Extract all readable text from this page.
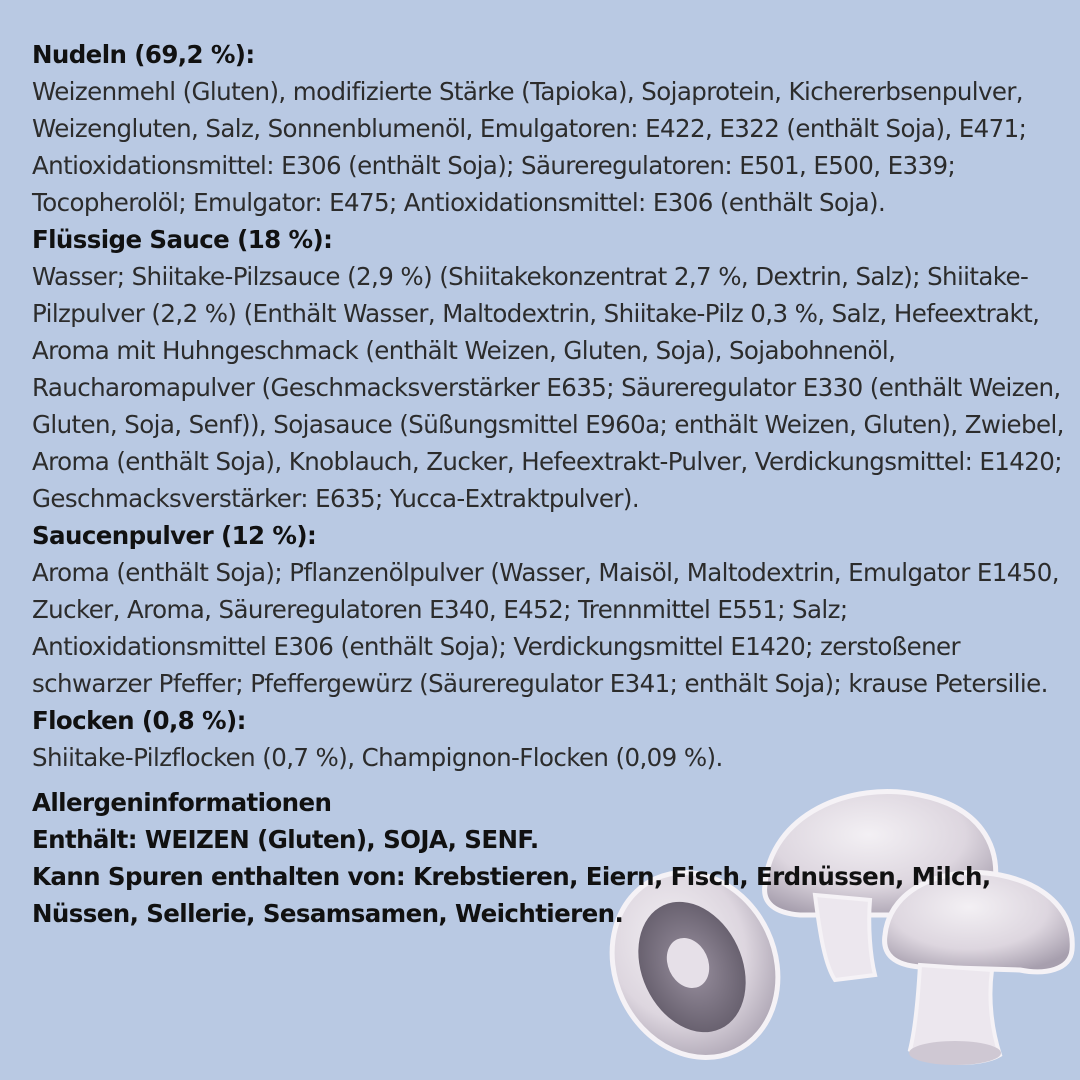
Nudeln (69,2 %):
Weizenmehl (Gluten), modifizierte Stärke (Tapioka), Sojaprotein, Kichererbsenpulver, Weizengluten, Salz, Sonnenblumenöl, Emulgatoren: E422, E322 (enthält Soja), E471; Antioxidationsmittel: E306 (enthält Soja); Säureregulatoren: E501, E500, E339; Tocopherolöl; Emulgator: E475; Antioxidationsmittel: E306 (enthält Soja).
Flüssige Sauce (18 %):
Wasser; Shiitake-Pilzsauce (2,9 %) (Shiitakekonzentrat 2,7 %, Dextrin, Salz); Shiitake-Pilzpulver (2,2 %) (Enthält Wasser, Maltodextrin, Shiitake-Pilz 0,3 %, Salz, Hefeextrakt, Aroma mit Huhngeschmack (enthält Weizen, Gluten, Soja), Sojabohnenöl, Raucharomapulver (Geschmacksverstärker E635; Säureregulator E330 (enthält Weizen, Gluten, Soja, Senf)), Sojasauce (Süßungsmittel E960a; enthält Weizen, Gluten), Zwiebel, Aroma (enthält Soja), Knoblauch, Zucker, Hefeextrakt-Pulver, Verdickungsmittel: E1420; Geschmacksverstärker: E635; Yucca-Extraktpulver).
Saucenpulver (12 %):
Aroma (enthält Soja); Pflanzenölpulver (Wasser, Maisöl, Maltodextrin, Emulgator E1450, Zucker, Aroma, Säureregulatoren E340, E452; Trennmittel E551; Salz; Antioxidationsmittel E306 (enthält Soja); Verdickungsmittel E1420; zerstoßener schwarzer Pfeffer; Pfeffergewürz (Säureregulator E341; enthält Soja); krause Petersilie.
Flocken (0,8 %):
Shiitake-Pilzflocken (0,7 %), Champignon-Flocken (0,09 %).
Allergeninformationen
Enthält: WEIZEN (Gluten), SOJA, SENF.
Kann Spuren enthalten von: Krebstieren, Eiern, Fisch, Erdnüssen, Milch, Nüssen, Sellerie, Sesamsamen, Weichtieren.
